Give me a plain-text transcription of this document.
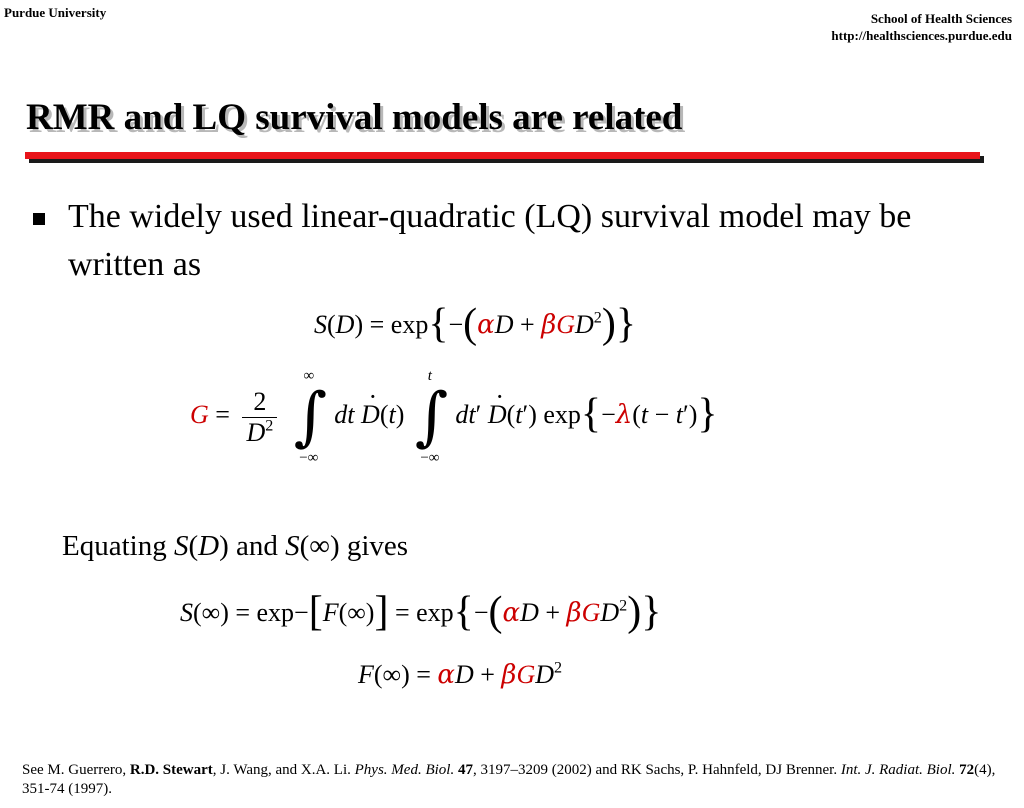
Purdue University	School of Health Sciences
http://healthsciences.purdue.edu
RMR and LQ survival models are related
The widely used linear-quadratic (LQ) survival model may be written as
S(D) = exp{−(αD + βGD$^2$)}
$G = \frac{2}{D^2}$

∞
∫
−∞
dt · D(t)
t
∫
−∞
dt′ · D(t′) exp{−λ(t − t′)}
Equating S(D) and S(∞) gives
S(∞) = exp−[F(∞)] = exp{−(αD + βGD$^2$)}
F(∞) = αD + βGD$^2$
See M. Guerrero, R.D. Stewart, J. Wang, and X.A. Li. Phys. Med. Biol. 47, 3197–3209 (2002) and RK Sachs, P. Hahnfeld, DJ Brenner. Int. J. Radiat. Biol. 72(4), 351-74 (1997).
